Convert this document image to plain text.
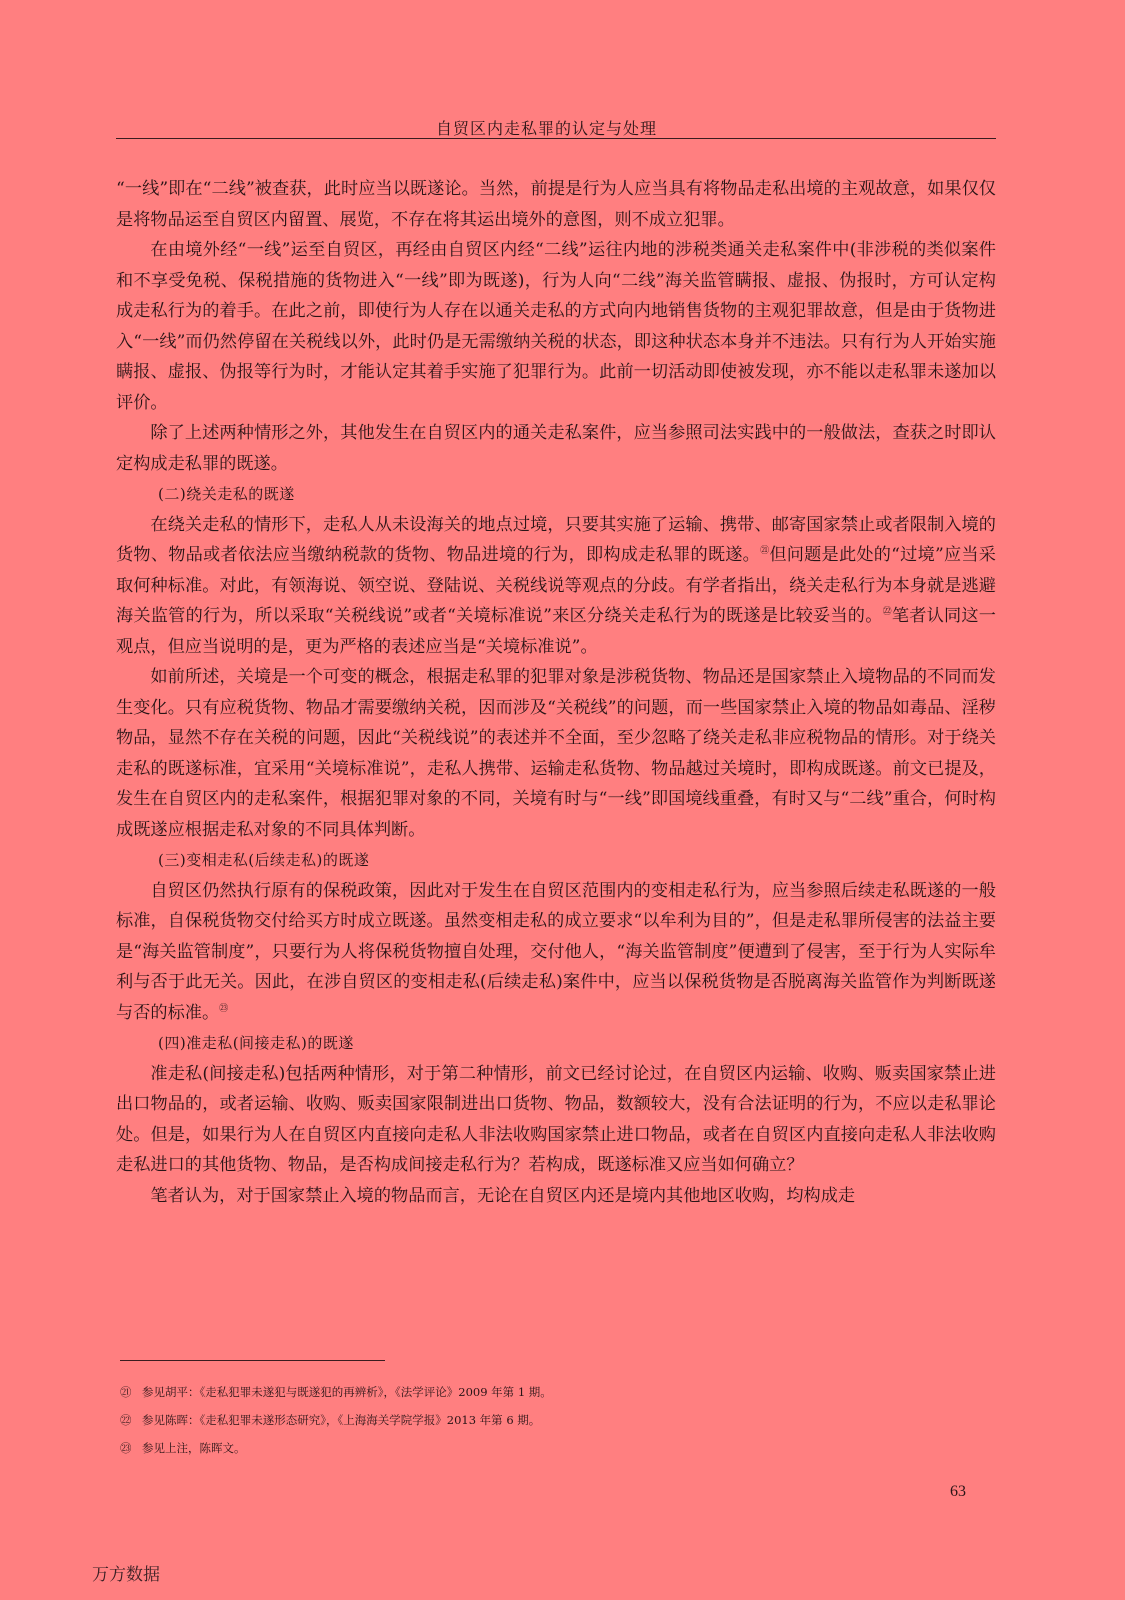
自贸区内走私罪的认定与处理

“一线”即在“二线”被查获，此时应当以既遂论。当然，前提是行为人应当具有将物品走私出境的主观故意，如果仅仅是将物品运至自贸区内留置、展览，不存在将其运出境外的意图，则不成立犯罪。

在由境外经“一线”运至自贸区，再经由自贸区内经“二线”运往内地的涉税类通关走私案件中(非涉税的类似案件和不享受免税、保税措施的货物进入“一线”即为既遂)，行为人向“二线”海关监管瞒报、虚报、伪报时，方可认定构成走私行为的着手。在此之前，即使行为人存在以通关走私的方式向内地销售货物的主观犯罪故意，但是由于货物进入“一线”而仍然停留在关税线以外，此时仍是无需缴纳关税的状态，即这种状态本身并不违法。只有行为人开始实施瞒报、虚报、伪报等行为时，才能认定其着手实施了犯罪行为。此前一切活动即使被发现，亦不能以走私罪未遂加以评价。

除了上述两种情形之外，其他发生在自贸区内的通关走私案件，应当参照司法实践中的一般做法，查获之时即认定构成走私罪的既遂。

(二)绕关走私的既遂

在绕关走私的情形下，走私人从未设海关的地点过境，只要其实施了运输、携带、邮寄国家禁止或者限制入境的货物、物品或者依法应当缴纳税款的货物、物品进境的行为，即构成走私罪的既遂。$^㉑$但问题是此处的“过境”应当采取何种标准。对此，有领海说、领空说、登陆说、关税线说等观点的分歧。有学者指出，绕关走私行为本身就是逃避海关监管的行为，所以采取“关税线说”或者“关境标准说”来区分绕关走私行为的既遂是比较妥当的。$^㉒$笔者认同这一观点，但应当说明的是，更为严格的表述应当是“关境标准说”。

如前所述，关境是一个可变的概念，根据走私罪的犯罪对象是涉税货物、物品还是国家禁止入境物品的不同而发生变化。只有应税货物、物品才需要缴纳关税，因而涉及“关税线”的问题，而一些国家禁止入境的物品如毒品、淫秽物品，显然不存在关税的问题，因此“关税线说”的表述并不全面，至少忽略了绕关走私非应税物品的情形。对于绕关走私的既遂标准，宜采用“关境标准说”，走私人携带、运输走私货物、物品越过关境时，即构成既遂。前文已提及，发生在自贸区内的走私案件，根据犯罪对象的不同，关境有时与“一线”即国境线重叠，有时又与“二线”重合，何时构成既遂应根据走私对象的不同具体判断。

(三)变相走私(后续走私)的既遂

自贸区仍然执行原有的保税政策，因此对于发生在自贸区范围内的变相走私行为，应当参照后续走私既遂的一般标准，自保税货物交付给买方时成立既遂。虽然变相走私的成立要求“以牟利为目的”，但是走私罪所侵害的法益主要是“海关监管制度”，只要行为人将保税货物擅自处理，交付他人，“海关监管制度”便遭到了侵害，至于行为人实际牟利与否于此无关。因此，在涉自贸区的变相走私(后续走私)案件中，应当以保税货物是否脱离海关监管作为判断既遂与否的标准。$^㉓$

(四)准走私(间接走私)的既遂

准走私(间接走私)包括两种情形，对于第二种情形，前文已经讨论过，在自贸区内运输、收购、贩卖国家禁止进出口物品的，或者运输、收购、贩卖国家限制进出口货物、物品，数额较大，没有合法证明的行为，不应以走私罪论处。但是，如果行为人在自贸区内直接向走私人非法收购国家禁止进口物品，或者在自贸区内直接向走私人非法收购走私进口的其他货物、物品，是否构成间接走私行为？若构成，既遂标准又应当如何确立？

笔者认为，对于国家禁止入境的物品而言，无论在自贸区内还是境内其他地区收购，均构成走

㉑ 参见胡平：《走私犯罪未遂犯与既遂犯的再辨析》，《法学评论》2009 年第 1 期。

㉒ 参见陈晖：《走私犯罪未遂形态研究》，《上海海关学院学报》2013 年第 6 期。

㉓ 参见上注，陈晖文。

63
万方数据
